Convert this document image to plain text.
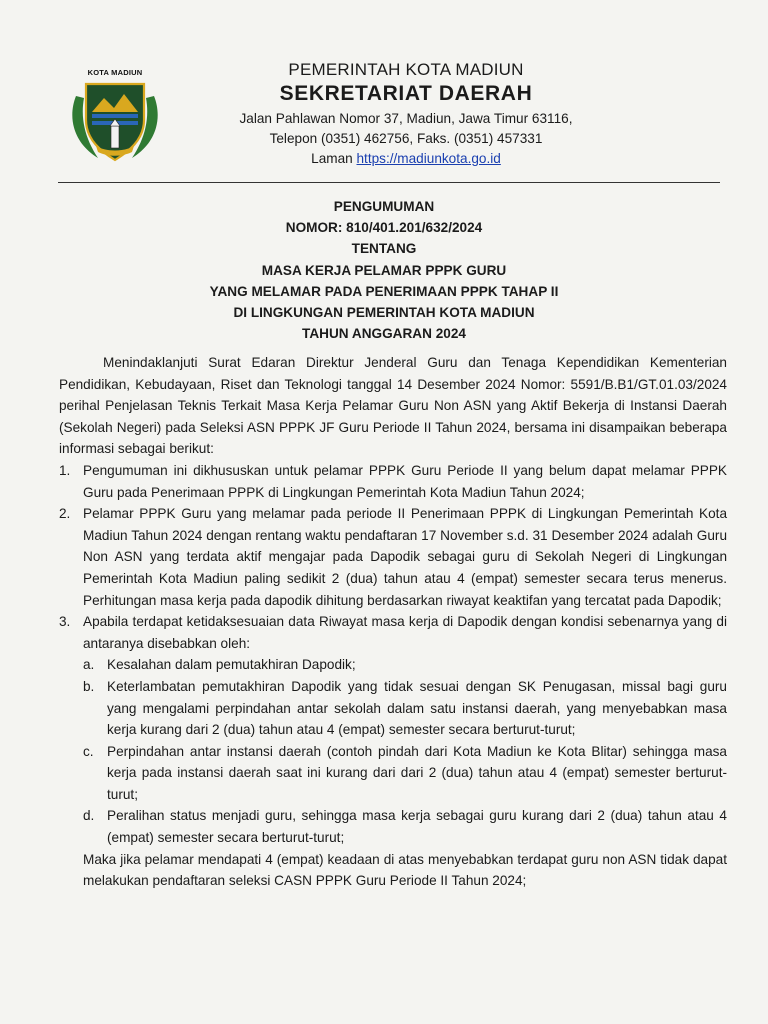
KOTA MADIUN	PEMERINTAH KOTA MADIUN
SEKRETARIAT DAERAH
Jalan Pahlawan Nomor 37, Madiun, Jawa Timur 63116,
Telepon (0351) 462756, Faks. (0351) 457331
Laman https://madiunkota.go.id
PENGUMUMAN
NOMOR: 810/401.201/632/2024
TENTANG
MASA KERJA PELAMAR PPPK GURU
YANG MELAMAR PADA PENERIMAAN PPPK TAHAP II
DI LINGKUNGAN PEMERINTAH KOTA MADIUN
TAHUN ANGGARAN 2024

Menindaklanjuti Surat Edaran Direktur Jenderal Guru dan Tenaga Kependidikan Kementerian Pendidikan, Kebudayaan, Riset dan Teknologi tanggal 14 Desember 2024 Nomor: 5591/B.B1/GT.01.03/2024 perihal Penjelasan Teknis Terkait Masa Kerja Pelamar Guru Non ASN yang Aktif Bekerja di Instansi Daerah (Sekolah Negeri) pada Seleksi ASN PPPK JF Guru Periode II Tahun 2024, bersama ini disampaikan beberapa informasi sebagai berikut:

1. Pengumuman ini dikhususkan untuk pelamar PPPK Guru Periode II yang belum dapat melamar PPPK Guru pada Penerimaan PPPK di Lingkungan Pemerintah Kota Madiun Tahun 2024;
2. Pelamar PPPK Guru yang melamar pada periode II Penerimaan PPPK di Lingkungan Pemerintah Kota Madiun Tahun 2024 dengan rentang waktu pendaftaran 17 November s.d. 31 Desember 2024 adalah Guru Non ASN yang terdata aktif mengajar pada Dapodik sebagai guru di Sekolah Negeri di Lingkungan Pemerintah Kota Madiun paling sedikit 2 (dua) tahun atau 4 (empat) semester secara terus menerus. Perhitungan masa kerja pada dapodik dihitung berdasarkan riwayat keaktifan yang tercatat pada Dapodik;
3. Apabila terdapat ketidaksesuaian data Riwayat masa kerja di Dapodik dengan kondisi sebenarnya yang di antaranya disebabkan oleh:
a. Kesalahan dalam pemutakhiran Dapodik;
b. Keterlambatan pemutakhiran Dapodik yang tidak sesuai dengan SK Penugasan, missal bagi guru yang mengalami perpindahan antar sekolah dalam satu instansi daerah, yang menyebabkan masa kerja kurang dari 2 (dua) tahun atau 4 (empat) semester secara berturut-turut;
c. Perpindahan antar instansi daerah (contoh pindah dari Kota Madiun ke Kota Blitar) sehingga masa kerja pada instansi daerah saat ini kurang dari dari 2 (dua) tahun atau 4 (empat) semester berturut-turut;
d. Peralihan status menjadi guru, sehingga masa kerja sebagai guru kurang dari 2 (dua) tahun atau 4 (empat) semester secara berturut-turut;
Maka jika pelamar mendapati 4 (empat) keadaan di atas menyebabkan terdapat guru non ASN tidak dapat melakukan pendaftaran seleksi CASN PPPK Guru Periode II Tahun 2024;
